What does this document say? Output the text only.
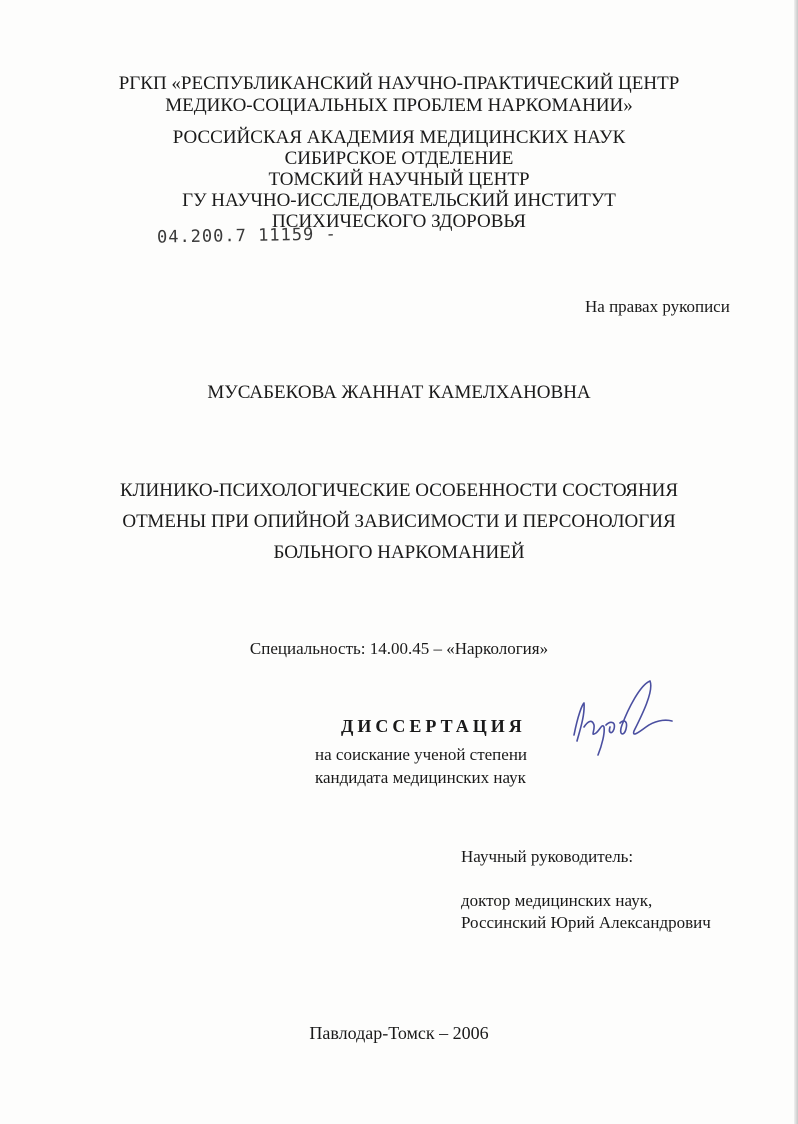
РГКП «РЕСПУБЛИКАНСКИЙ НАУЧНО-ПРАКТИЧЕСКИЙ ЦЕНТР
МЕДИКО-СОЦИАЛЬНЫХ ПРОБЛЕМ НАРКОМАНИИ»
РОССИЙСКАЯ АКАДЕМИЯ МЕДИЦИНСКИХ НАУК
СИБИРСКОЕ ОТДЕЛЕНИЕ
ТОМСКИЙ НАУЧНЫЙ ЦЕНТР
ГУ НАУЧНО-ИССЛЕДОВАТЕЛЬСКИЙ ИНСТИТУТ
ПСИХИЧЕСКОГО ЗДОРОВЬЯ
04.200.7 11159 -
На правах рукописи
МУСАБЕКОВА ЖАННАТ КАМЕЛХАНОВНА
КЛИНИКО-ПСИХОЛОГИЧЕСКИЕ ОСОБЕННОСТИ СОСТОЯНИЯ
ОТМЕНЫ ПРИ ОПИЙНОЙ ЗАВИСИМОСТИ И ПЕРСОНОЛОГИЯ
БОЛЬНОГО НАРКОМАНИЕЙ
Специальность: 14.00.45 – «Наркология»
ДИССЕРТАЦИЯ
на соискание ученой степени
кандидата медицинских наук
Научный руководитель:
доктор медицинских наук,
Россинский Юрий Александрович
Павлодар-Томск – 2006
